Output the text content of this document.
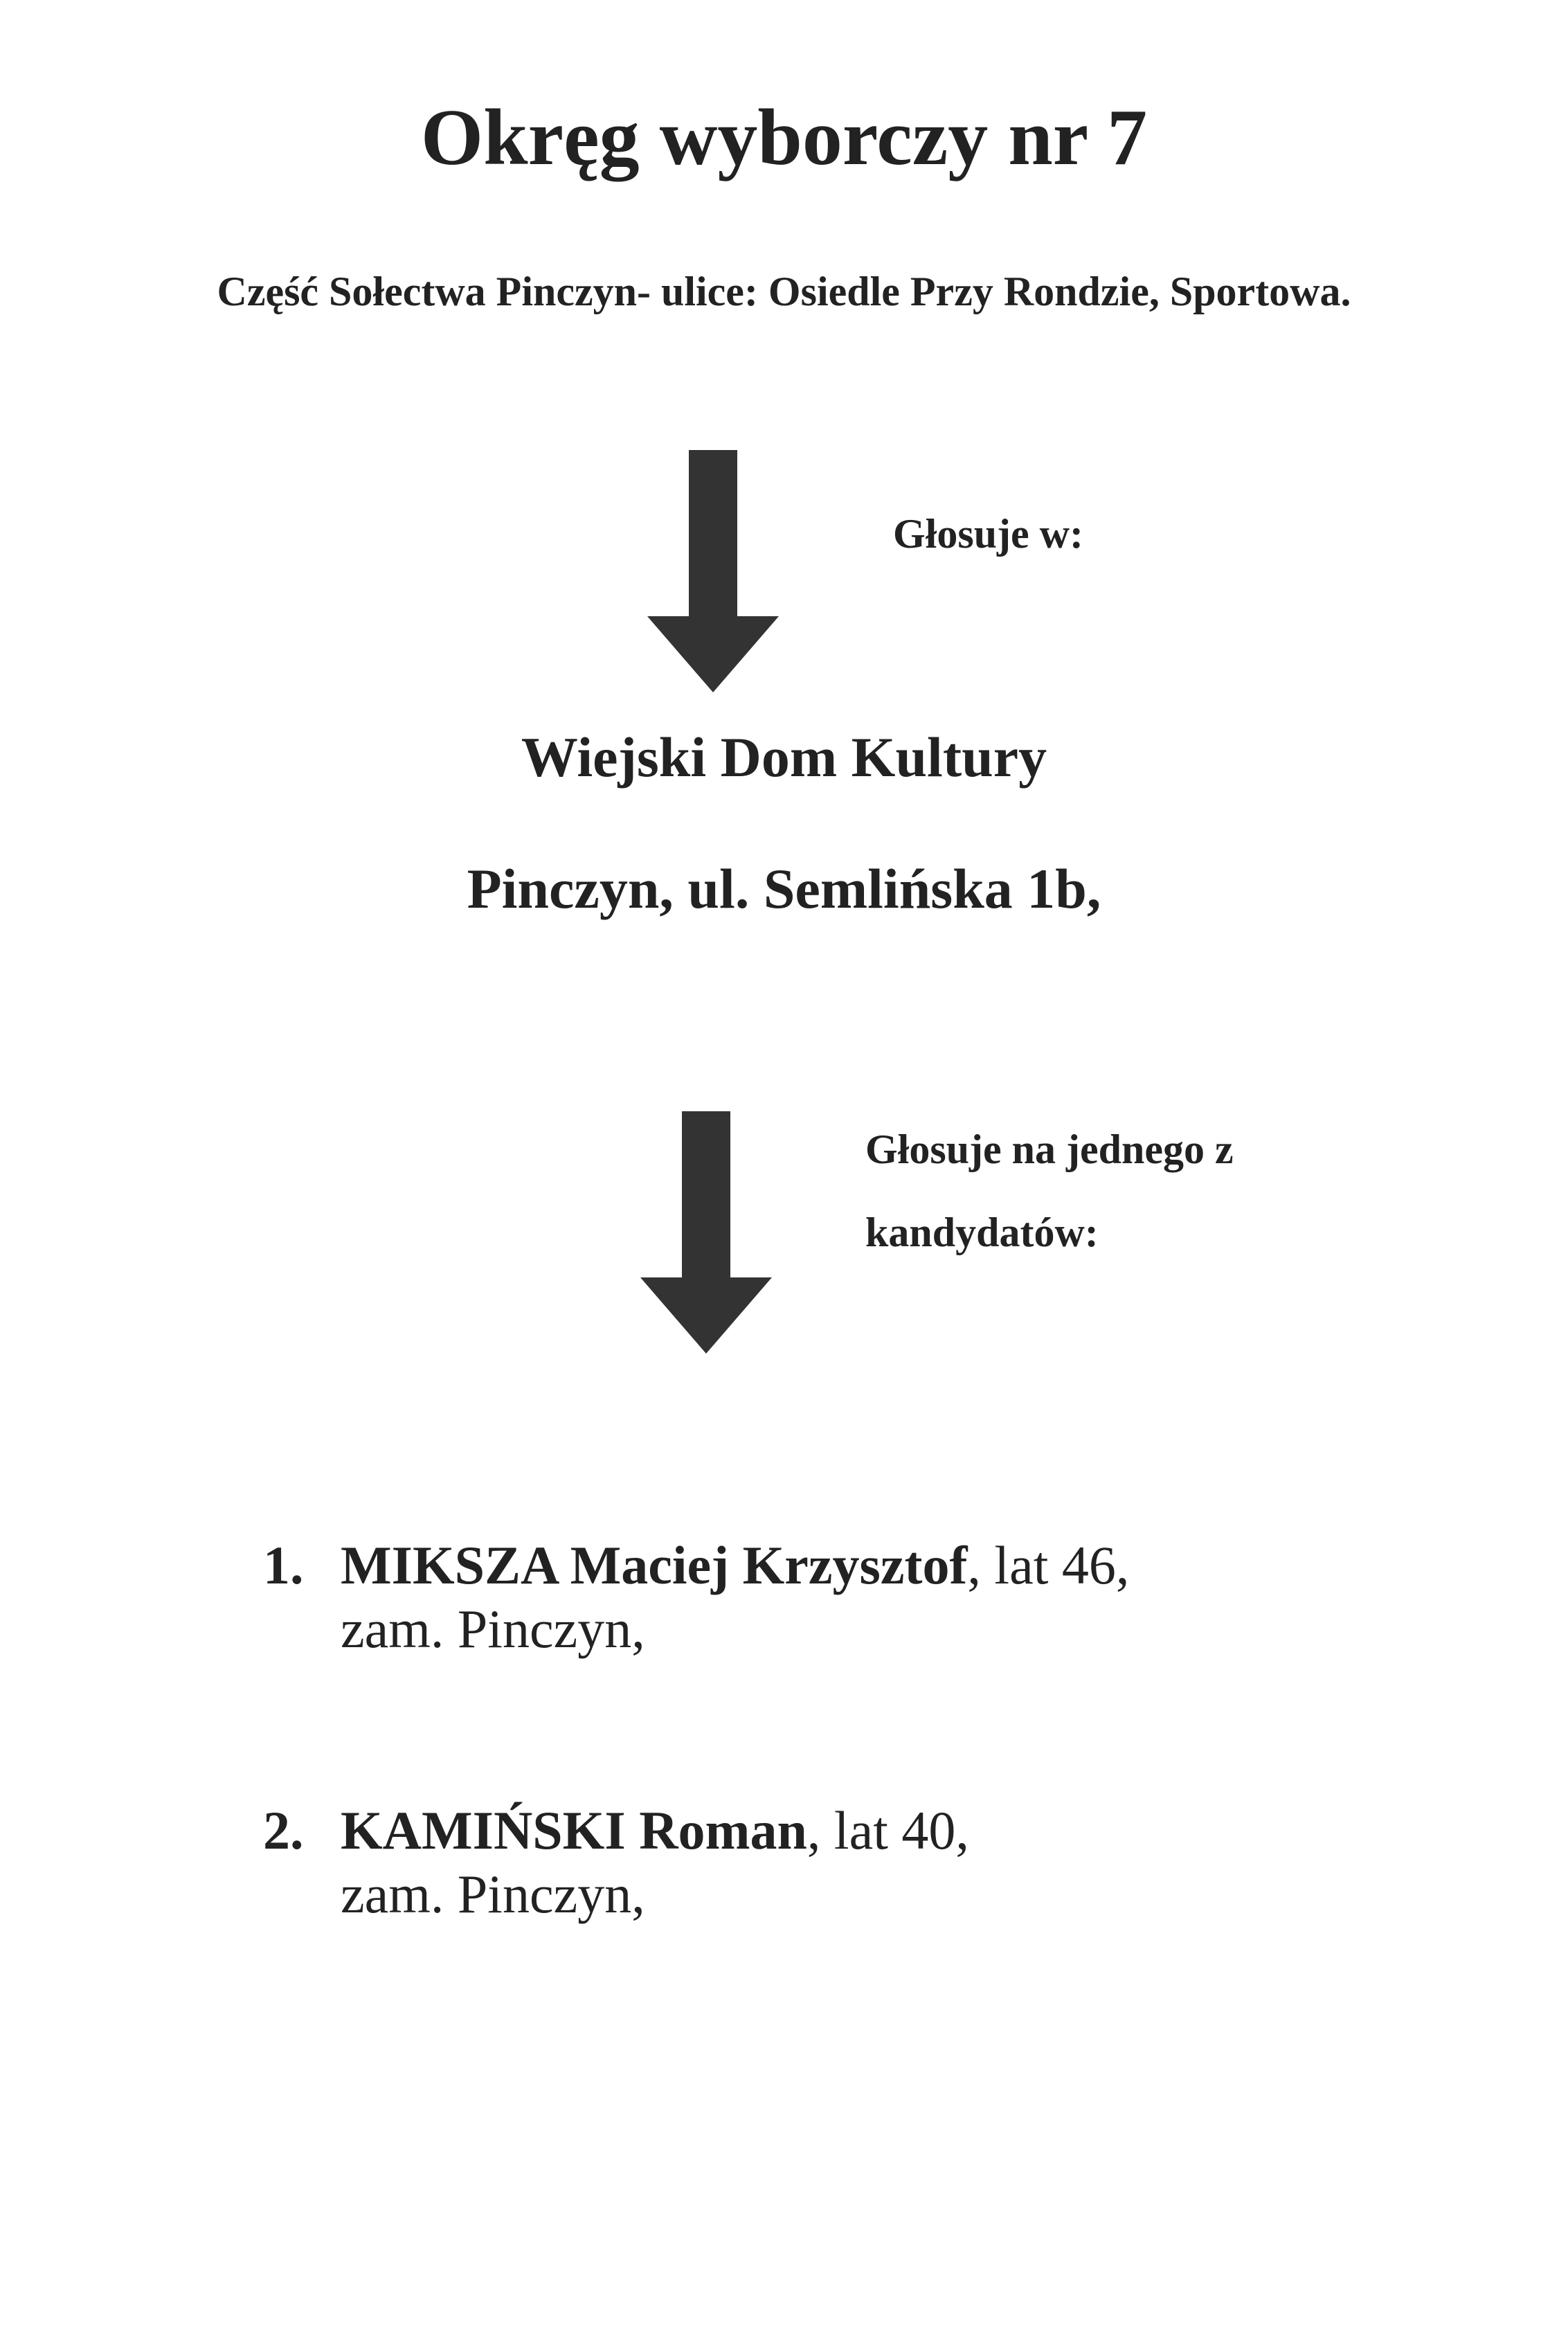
Okręg wyborczy nr 7
Część Sołectwa Pinczyn- ulice: Osiedle Przy Rondzie, Sportowa.
Głosuje w:
Wiejski Dom Kultury
Pinczyn, ul. Semlińska 1b,
Głosuje na jednego z
kandydatów:
1. MIKSZA Maciej Krzysztof, lat 46,
zam. Pinczyn,
2. KAMIŃSKI Roman, lat 40,
zam. Pinczyn,
